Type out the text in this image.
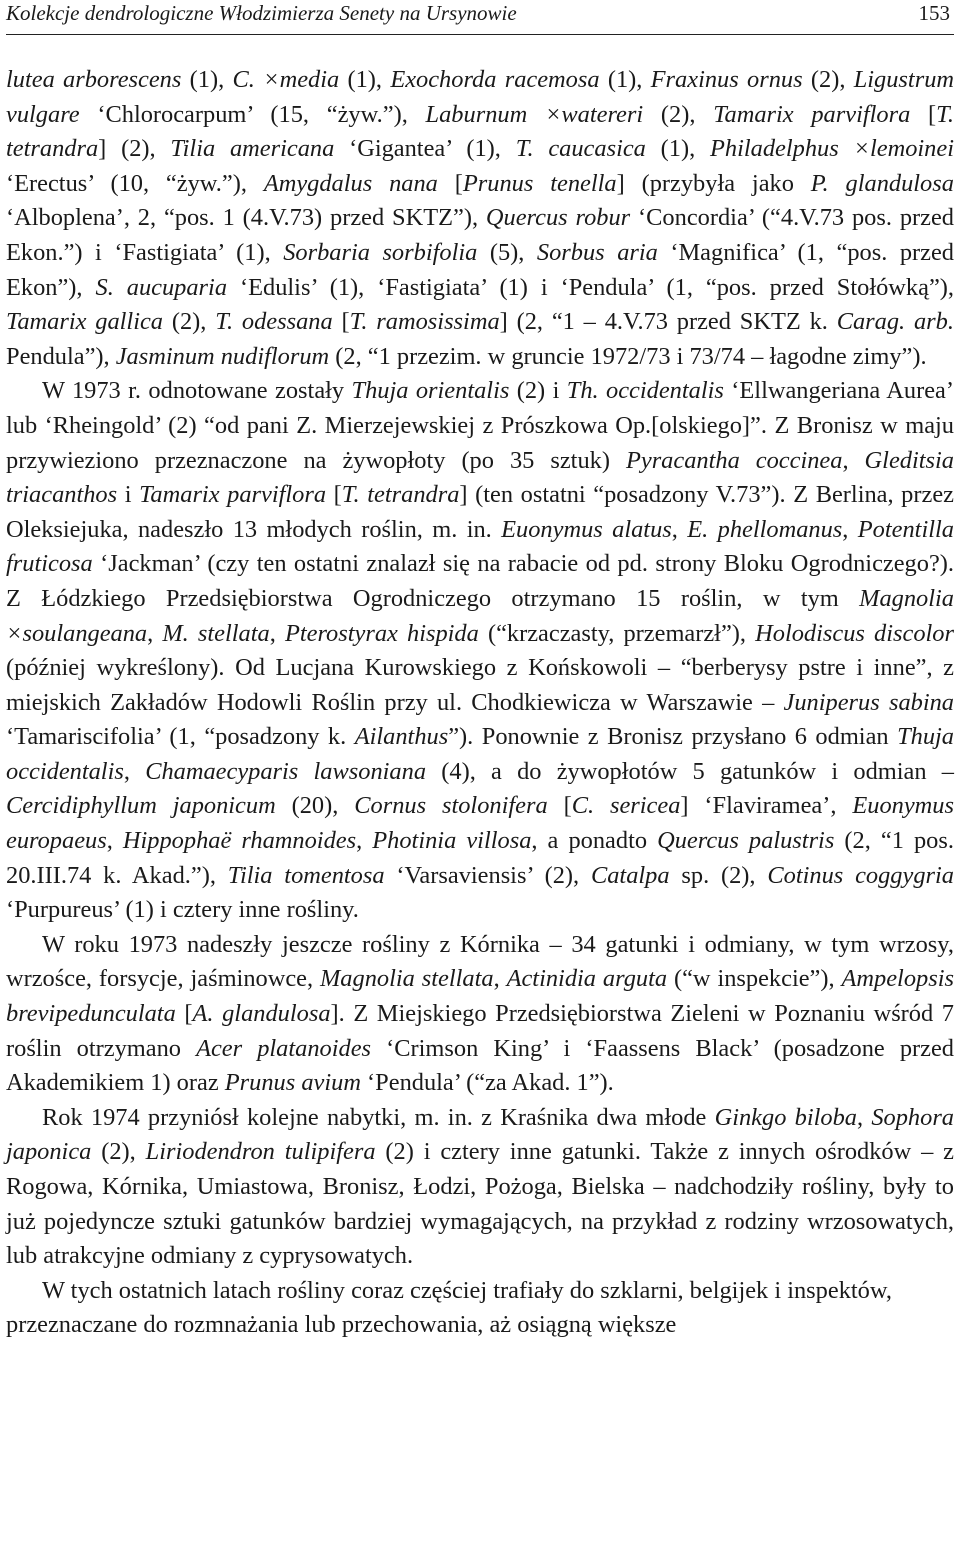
Kolekcje dendrologiczne Włodzimierza Senety na Ursynowie	153

lutea arborescens (1), C. ×media (1), Exochorda racemosa (1), Fraxinus ornus (2), Ligustrum vulgare ‘Chlorocarpum’ (15, “żyw.”), Laburnum ×watereri (2), Tamarix parviflora [T. tetrandra] (2), Tilia americana ‘Gigantea’ (1), T. caucasica (1), Philadelphus ×lemoinei ‘Erectus’ (10, “żyw.”), Amygdalus nana [Prunus tenella] (przybyła jako P. glandulosa ‘Alboplena’, 2, “pos. 1 (4.V.73) przed SKTZ”), Quercus robur ‘Concordia’ (“4.V.73 pos. przed Ekon.”) i ‘Fastigiata’ (1), Sorbaria sorbifolia (5), Sorbus aria ‘Magnifica’ (1, “pos. przed Ekon”), S. aucuparia ‘Edulis’ (1), ‘Fastigiata’ (1) i ‘Pendula’ (1, “pos. przed Stołówką”), Tamarix gallica (2), T. odessana [T. ramosissima] (2, “1 – 4.V.73 przed SKTZ k. Carag. arb. Pendula”), Jasminum nudiflorum (2, “1 przezim. w gruncie 1972/73 i 73/74 – łagodne zimy”).

W 1973 r. odnotowane zostały Thuja orientalis (2) i Th. occidentalis ‘Ellwangeriana Aurea’ lub ‘Rheingold’ (2) “od pani Z. Mierzejewskiej z Prószkowa Op.[olskiego]”. Z Bronisz w maju przywieziono przeznaczone na żywopłoty (po 35 sztuk) Pyracantha coccinea, Gleditsia triacanthos i Tamarix parviflora [T. tetrandra] (ten ostatni “posadzony V.73”). Z Berlina, przez Oleksiejuka, nadeszło 13 młodych roślin, m. in. Euonymus alatus, E. phellomanus, Potentilla fruticosa ‘Jackman’ (czy ten ostatni znalazł się na rabacie od pd. strony Bloku Ogrodniczego?). Z Łódzkiego Przedsiębiorstwa Ogrodniczego otrzymano 15 roślin, w tym Magnolia ×soulangeana, M. stellata, Pterostyrax hispida (“krzaczasty, przemarzł”), Holodiscus discolor (później wykreślony). Od Lucjana Kurowskiego z Końskowoli – “berberysy pstre i inne”, z miejskich Zakładów Hodowli Roślin przy ul. Chodkiewicza w Warszawie – Juniperus sabina ‘Tamariscifolia’ (1, “posadzony k. Ailanthus”). Ponownie z Bronisz przysłano 6 odmian Thuja occidentalis, Chamaecyparis lawsoniana (4), a do żywopłotów 5 gatunków i odmian – Cercidiphyllum japonicum (20), Cornus stolonifera [C. sericea] ‘Flaviramea’, Euonymus europaeus, Hippophaë rhamnoides, Photinia villosa, a ponadto Quercus palustris (2, “1 pos. 20.III.74 k. Akad.”), Tilia tomentosa ‘Varsaviensis’ (2), Catalpa sp. (2), Cotinus coggygria ‘Purpureus’ (1) i cztery inne rośliny.

W roku 1973 nadeszły jeszcze rośliny z Kórnika – 34 gatunki i odmiany, w tym wrzosy, wrzośce, forsycje, jaśminowce, Magnolia stellata, Actinidia arguta (“w inspekcie”), Ampelopsis brevipedunculata [A. glandulosa]. Z Miejskiego Przedsiębiorstwa Zieleni w Poznaniu wśród 7 roślin otrzymano Acer platanoides ‘Crimson King’ i ‘Faassens Black’ (posadzone przed Akademikiem 1) oraz Prunus avium ‘Pendula’ (“za Akad. 1”).

Rok 1974 przyniósł kolejne nabytki, m. in. z Kraśnika dwa młode Ginkgo biloba, Sophora japonica (2), Liriodendron tulipifera (2) i cztery inne gatunki. Także z innych ośrodków – z Rogowa, Kórnika, Umiastowa, Bronisz, Łodzi, Pożoga, Bielska – nadchodziły rośliny, były to już pojedyncze sztuki gatunków bardziej wymagających, na przykład z rodziny wrzosowatych, lub atrakcyjne odmiany z cyprysowatych.

W tych ostatnich latach rośliny coraz częściej trafiały do szklarni, belgijek i inspektów, przeznaczane do rozmnażania lub przechowania, aż osiągną większe
